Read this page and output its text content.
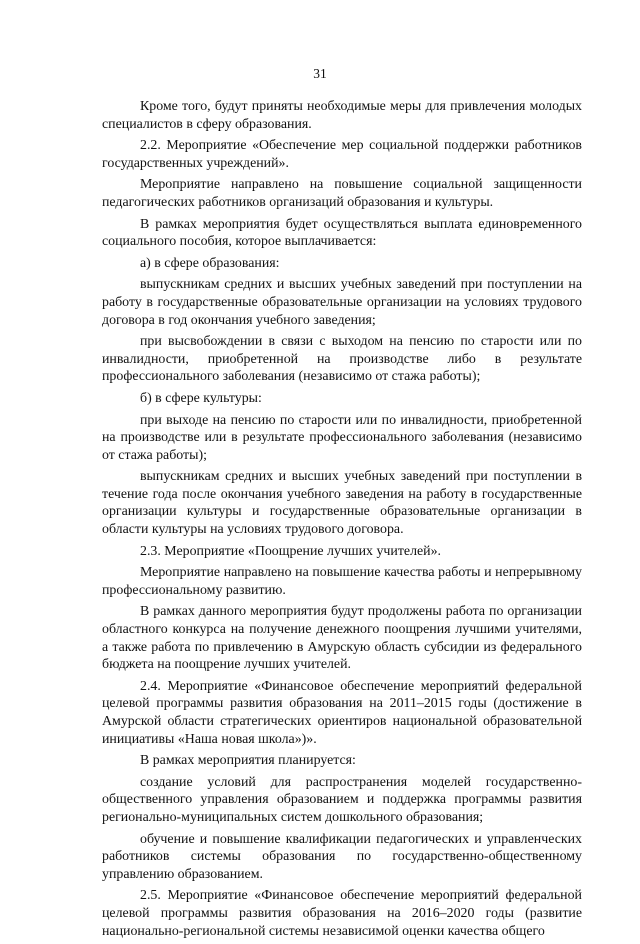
31

Кроме того, будут приняты необходимые меры для привлечения молодых специалистов в сферу образования.

2.2. Мероприятие «Обеспечение мер социальной поддержки работников государственных учреждений».

Мероприятие направлено на повышение социальной защищенности педагогических работников организаций образования и культуры.

В рамках мероприятия будет осуществляться выплата единовременного социального пособия, которое выплачивается:

а) в сфере образования:

выпускникам средних и высших учебных заведений при поступлении на работу в государственные образовательные организации на условиях трудового договора в год окончания учебного заведения;

при высвобождении в связи с выходом на пенсию по старости или по инвалидности, приобретенной на производстве либо в результате профессионального заболевания (независимо от стажа работы);

б) в сфере культуры:

при выходе на пенсию по старости или по инвалидности, приобретенной на производстве или в результате профессионального заболевания (независимо от стажа работы);

выпускникам средних и высших учебных заведений при поступлении в течение года после окончания учебного заведения на работу в государственные организации культуры и государственные образовательные организации в области культуры на условиях трудового договора.

2.3. Мероприятие «Поощрение лучших учителей».

Мероприятие направлено на повышение качества работы и непрерывному профессиональному развитию.

В рамках данного мероприятия будут продолжены работа по организации областного конкурса на получение денежного поощрения лучшими учителями, а также работа по привлечению в Амурскую область субсидии из федерального бюджета на поощрение лучших учителей.

2.4. Мероприятие «Финансовое обеспечение мероприятий федеральной целевой программы развития образования на 2011–2015 годы (достижение в Амурской области стратегических ориентиров национальной образовательной инициативы «Наша новая школа»)».

В рамках мероприятия планируется:

создание условий для распространения моделей государственно-общественного управления образованием и поддержка программы развития регионально-муниципальных систем дошкольного образования;

обучение и повышение квалификации педагогических и управленческих работников системы образования по государственно-общественному управлению образованием.

2.5. Мероприятие «Финансовое обеспечение мероприятий федеральной целевой программы развития образования на 2016–2020 годы (развитие национально-региональной системы независимой оценки качества общего
